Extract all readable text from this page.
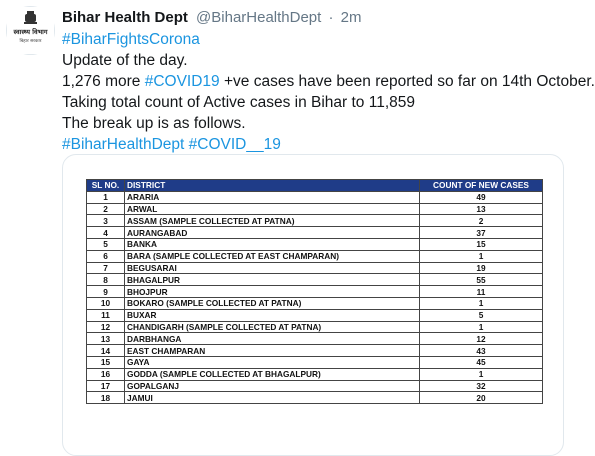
स्वास्थ्य विभाग
बिहार सरकार
Bihar Health Dept @BiharHealthDept · 2m
#BiharFightsCorona
Update of the day.
1,276 more #COVID19 +ve cases have been reported so far on 14th October.
Taking total count of Active cases in Bihar to 11,859
The break up is as follows.
#BiharHealthDept #COVID__19
SL NO.	DISTRICT	COUNT OF NEW CASES
1	ARARIA	49
2	ARWAL	13
3	ASSAM (SAMPLE COLLECTED AT PATNA)	2
4	AURANGABAD	37
5	BANKA	15
6	BARA (SAMPLE COLLECTED AT EAST CHAMPARAN)	1
7	BEGUSARAI	19
8	BHAGALPUR	55
9	BHOJPUR	11
10	BOKARO (SAMPLE COLLECTED AT PATNA)	1
11	BUXAR	5
12	CHANDIGARH (SAMPLE COLLECTED AT PATNA)	1
13	DARBHANGA	12
14	EAST CHAMPARAN	43
15	GAYA	45
16	GODDA (SAMPLE COLLECTED AT BHAGALPUR)	1
17	GOPALGANJ	32
18	JAMUI	20
